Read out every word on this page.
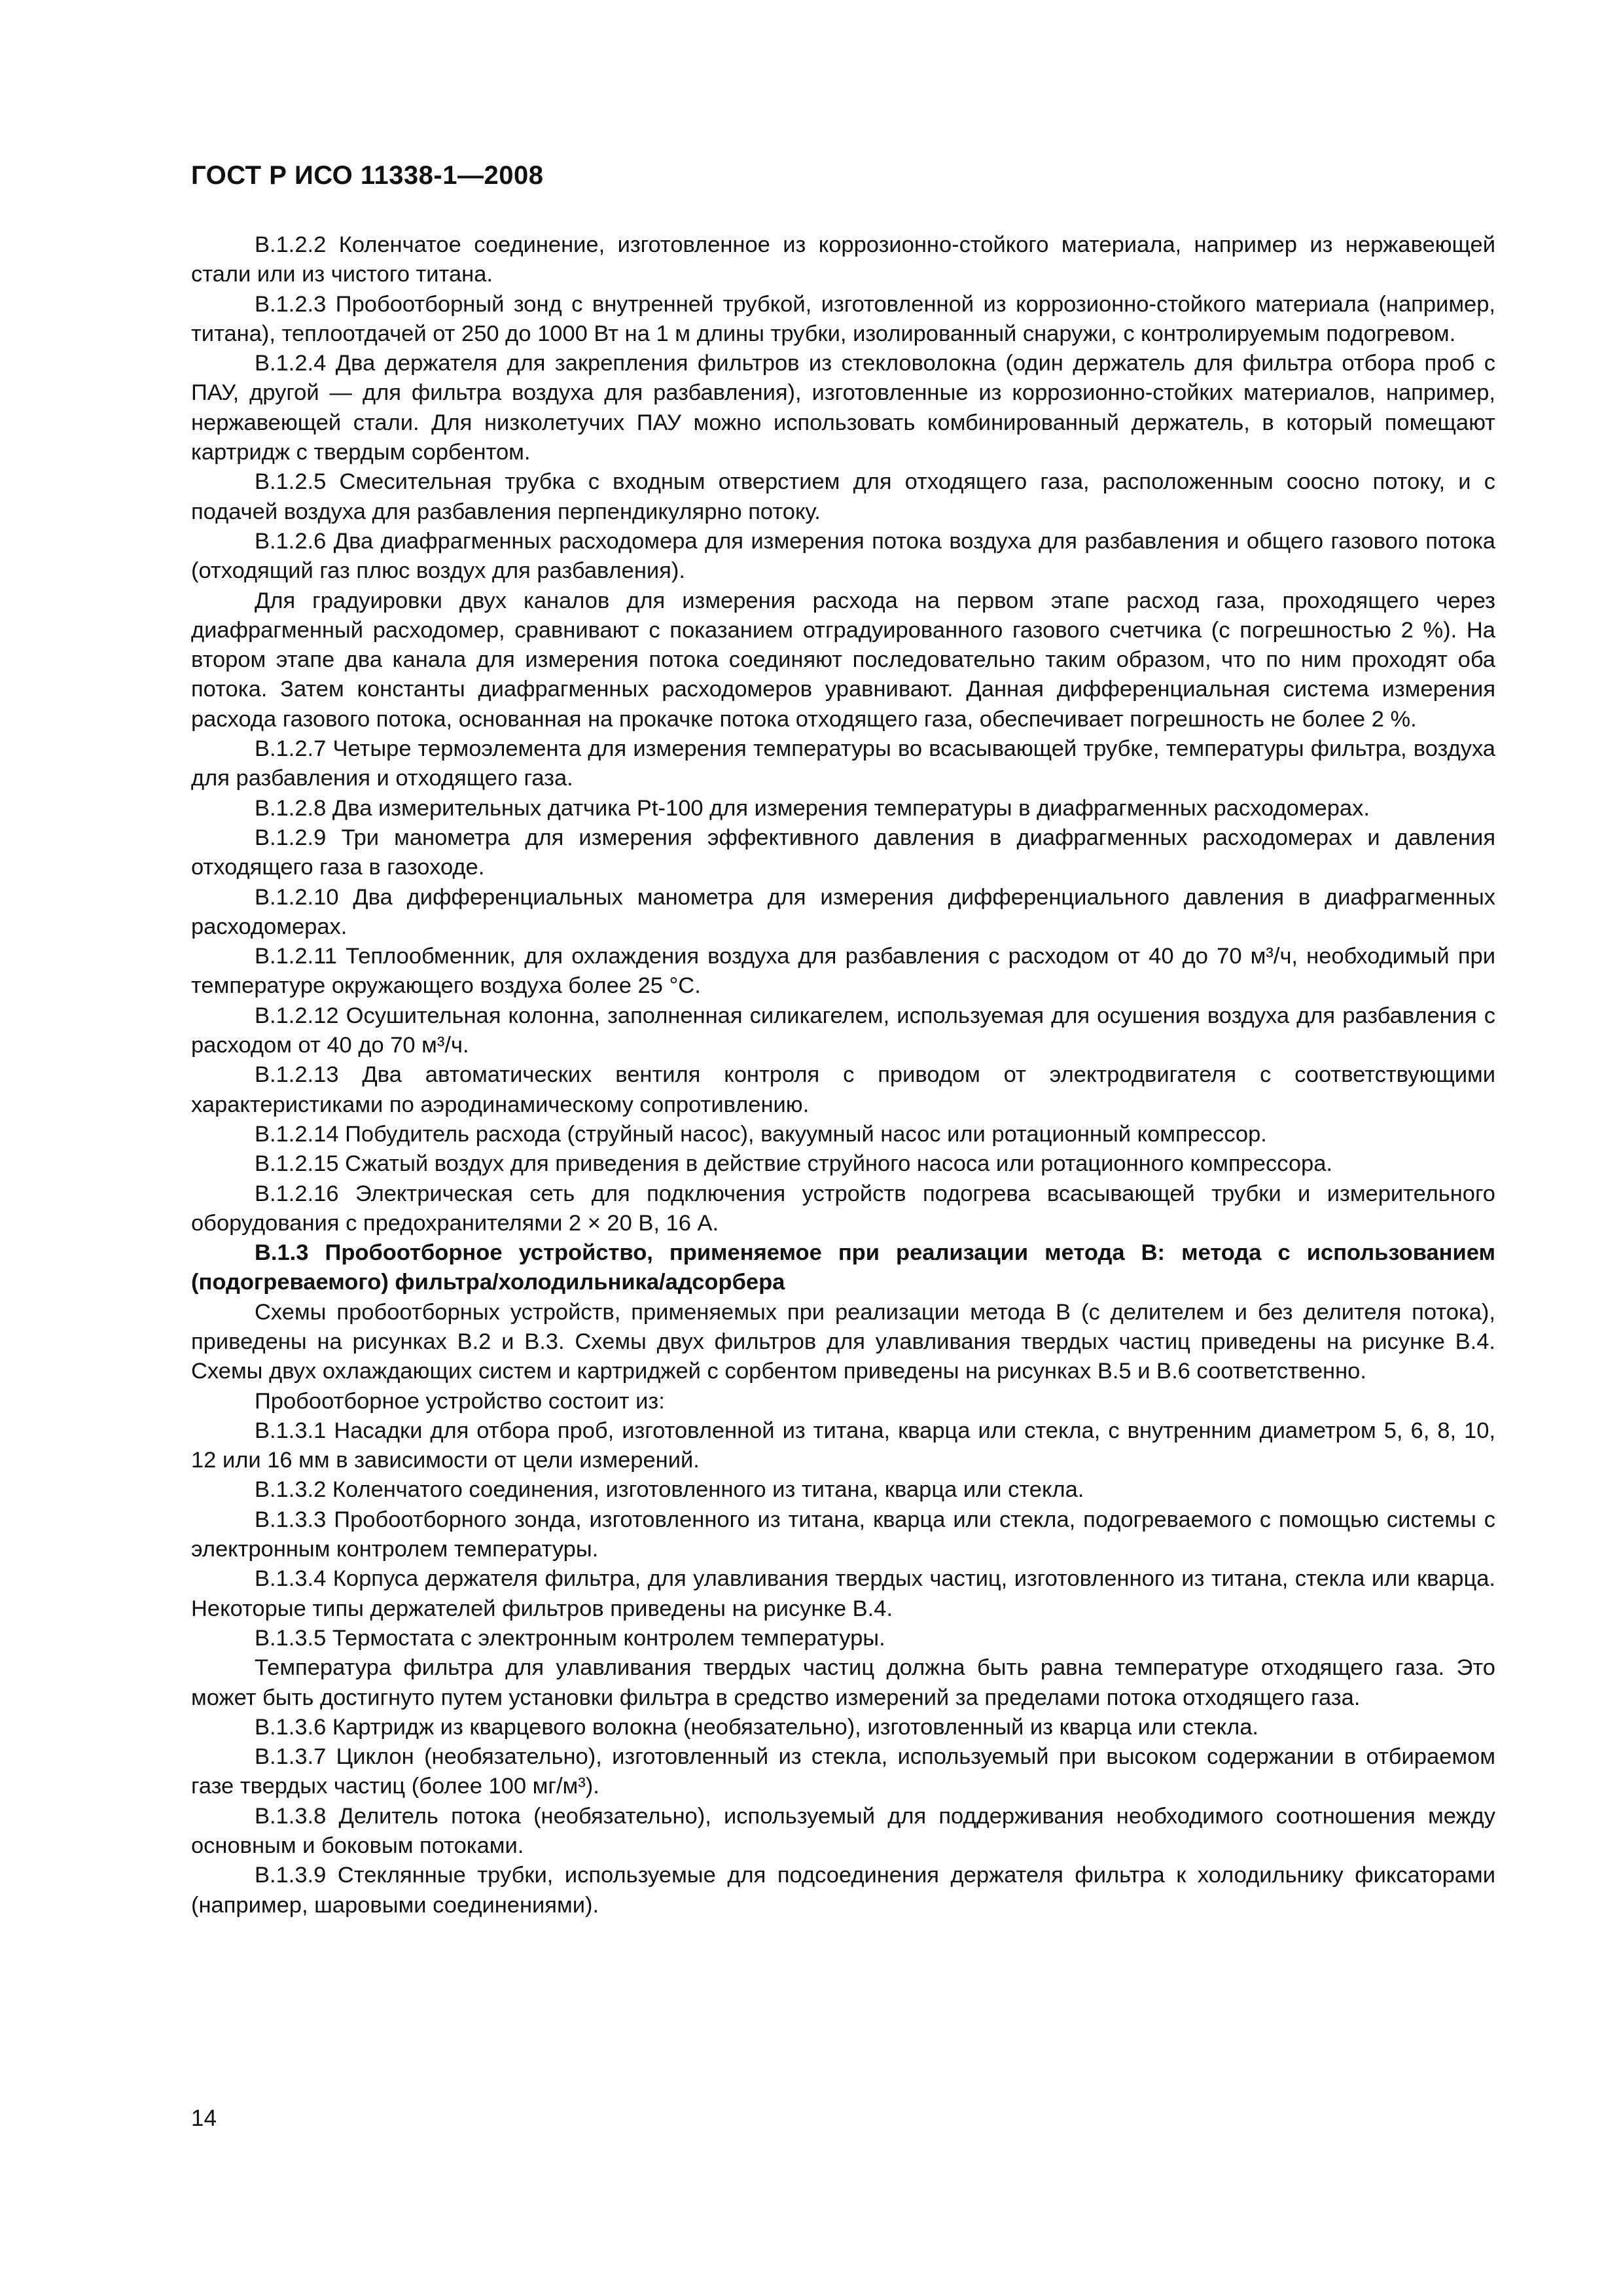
ГОСТ Р ИСО 11338-1—2008

B.1.2.2 Коленчатое соединение, изготовленное из коррозионно-стойкого материала, например из нержавеющей стали или из чистого титана.

B.1.2.3 Пробоотборный зонд с внутренней трубкой, изготовленной из коррозионно-стойкого материала (например, титана), теплоотдачей от 250 до 1000 Вт на 1 м длины трубки, изолированный снаружи, с контролируемым подогревом.

B.1.2.4 Два держателя для закрепления фильтров из стекловолокна (один держатель для фильтра отбора проб с ПАУ, другой — для фильтра воздуха для разбавления), изготовленные из коррозионно-стойких материалов, например, нержавеющей стали. Для низколетучих ПАУ можно использовать комбинированный держатель, в который помещают картридж с твердым сорбентом.

B.1.2.5 Смесительная трубка с входным отверстием для отходящего газа, расположенным соосно потоку, и с подачей воздуха для разбавления перпендикулярно потоку.

B.1.2.6 Два диафрагменных расходомера для измерения потока воздуха для разбавления и общего газового потока (отходящий газ плюс воздух для разбавления).

Для градуировки двух каналов для измерения расхода на первом этапе расход газа, проходящего через диафрагменный расходомер, сравнивают с показанием отградуированного газового счетчика (с погрешностью 2 %). На втором этапе два канала для измерения потока соединяют последовательно таким образом, что по ним проходят оба потока. Затем константы диафрагменных расходомеров уравнивают. Данная дифференциальная система измерения расхода газового потока, основанная на прокачке потока отходящего газа, обеспечивает погрешность не более 2 %.

B.1.2.7 Четыре термоэлемента для измерения температуры во всасывающей трубке, температуры фильтра, воздуха для разбавления и отходящего газа.

B.1.2.8 Два измерительных датчика Pt-100 для измерения температуры в диафрагменных расходомерах.

B.1.2.9 Три манометра для измерения эффективного давления в диафрагменных расходомерах и давления отходящего газа в газоходе.

B.1.2.10 Два дифференциальных манометра для измерения дифференциального давления в диафрагменных расходомерах.

B.1.2.11 Теплообменник, для охлаждения воздуха для разбавления с расходом от 40 до 70 м³/ч, необходимый при температуре окружающего воздуха более 25 °С.

B.1.2.12 Осушительная колонна, заполненная силикагелем, используемая для осушения воздуха для разбавления с расходом от 40 до 70 м³/ч.

B.1.2.13 Два автоматических вентиля контроля с приводом от электродвигателя с соответствующими характеристиками по аэродинамическому сопротивлению.

B.1.2.14 Побудитель расхода (струйный насос), вакуумный насос или ротационный компрессор.

B.1.2.15 Сжатый воздух для приведения в действие струйного насоса или ротационного компрессора.

B.1.2.16 Электрическая сеть для подключения устройств подогрева всасывающей трубки и измерительного оборудования с предохранителями 2 × 20 В, 16 А.

B.1.3 Пробоотборное устройство, применяемое при реализации метода В: метода с использованием (подогреваемого) фильтра/холодильника/адсорбера

Схемы пробоотборных устройств, применяемых при реализации метода В (с делителем и без делителя потока), приведены на рисунках В.2 и В.3. Схемы двух фильтров для улавливания твердых частиц приведены на рисунке В.4. Схемы двух охлаждающих систем и картриджей с сорбентом приведены на рисунках В.5 и В.6 соответственно.

Пробоотборное устройство состоит из:

B.1.3.1 Насадки для отбора проб, изготовленной из титана, кварца или стекла, с внутренним диаметром 5, 6, 8, 10, 12 или 16 мм в зависимости от цели измерений.

B.1.3.2 Коленчатого соединения, изготовленного из титана, кварца или стекла.

B.1.3.3 Пробоотборного зонда, изготовленного из титана, кварца или стекла, подогреваемого с помощью системы с электронным контролем температуры.

B.1.3.4 Корпуса держателя фильтра, для улавливания твердых частиц, изготовленного из титана, стекла или кварца. Некоторые типы держателей фильтров приведены на рисунке В.4.

B.1.3.5 Термостата с электронным контролем температуры.

Температура фильтра для улавливания твердых частиц должна быть равна температуре отходящего газа. Это может быть достигнуто путем установки фильтра в средство измерений за пределами потока отходящего газа.

B.1.3.6 Картридж из кварцевого волокна (необязательно), изготовленный из кварца или стекла.

B.1.3.7 Циклон (необязательно), изготовленный из стекла, используемый при высоком содержании в отбираемом газе твердых частиц (более 100 мг/м³).

B.1.3.8 Делитель потока (необязательно), используемый для поддерживания необходимого соотношения между основным и боковым потоками.

B.1.3.9 Стеклянные трубки, используемые для подсоединения держателя фильтра к холодильнику фиксаторами (например, шаровыми соединениями).

14
